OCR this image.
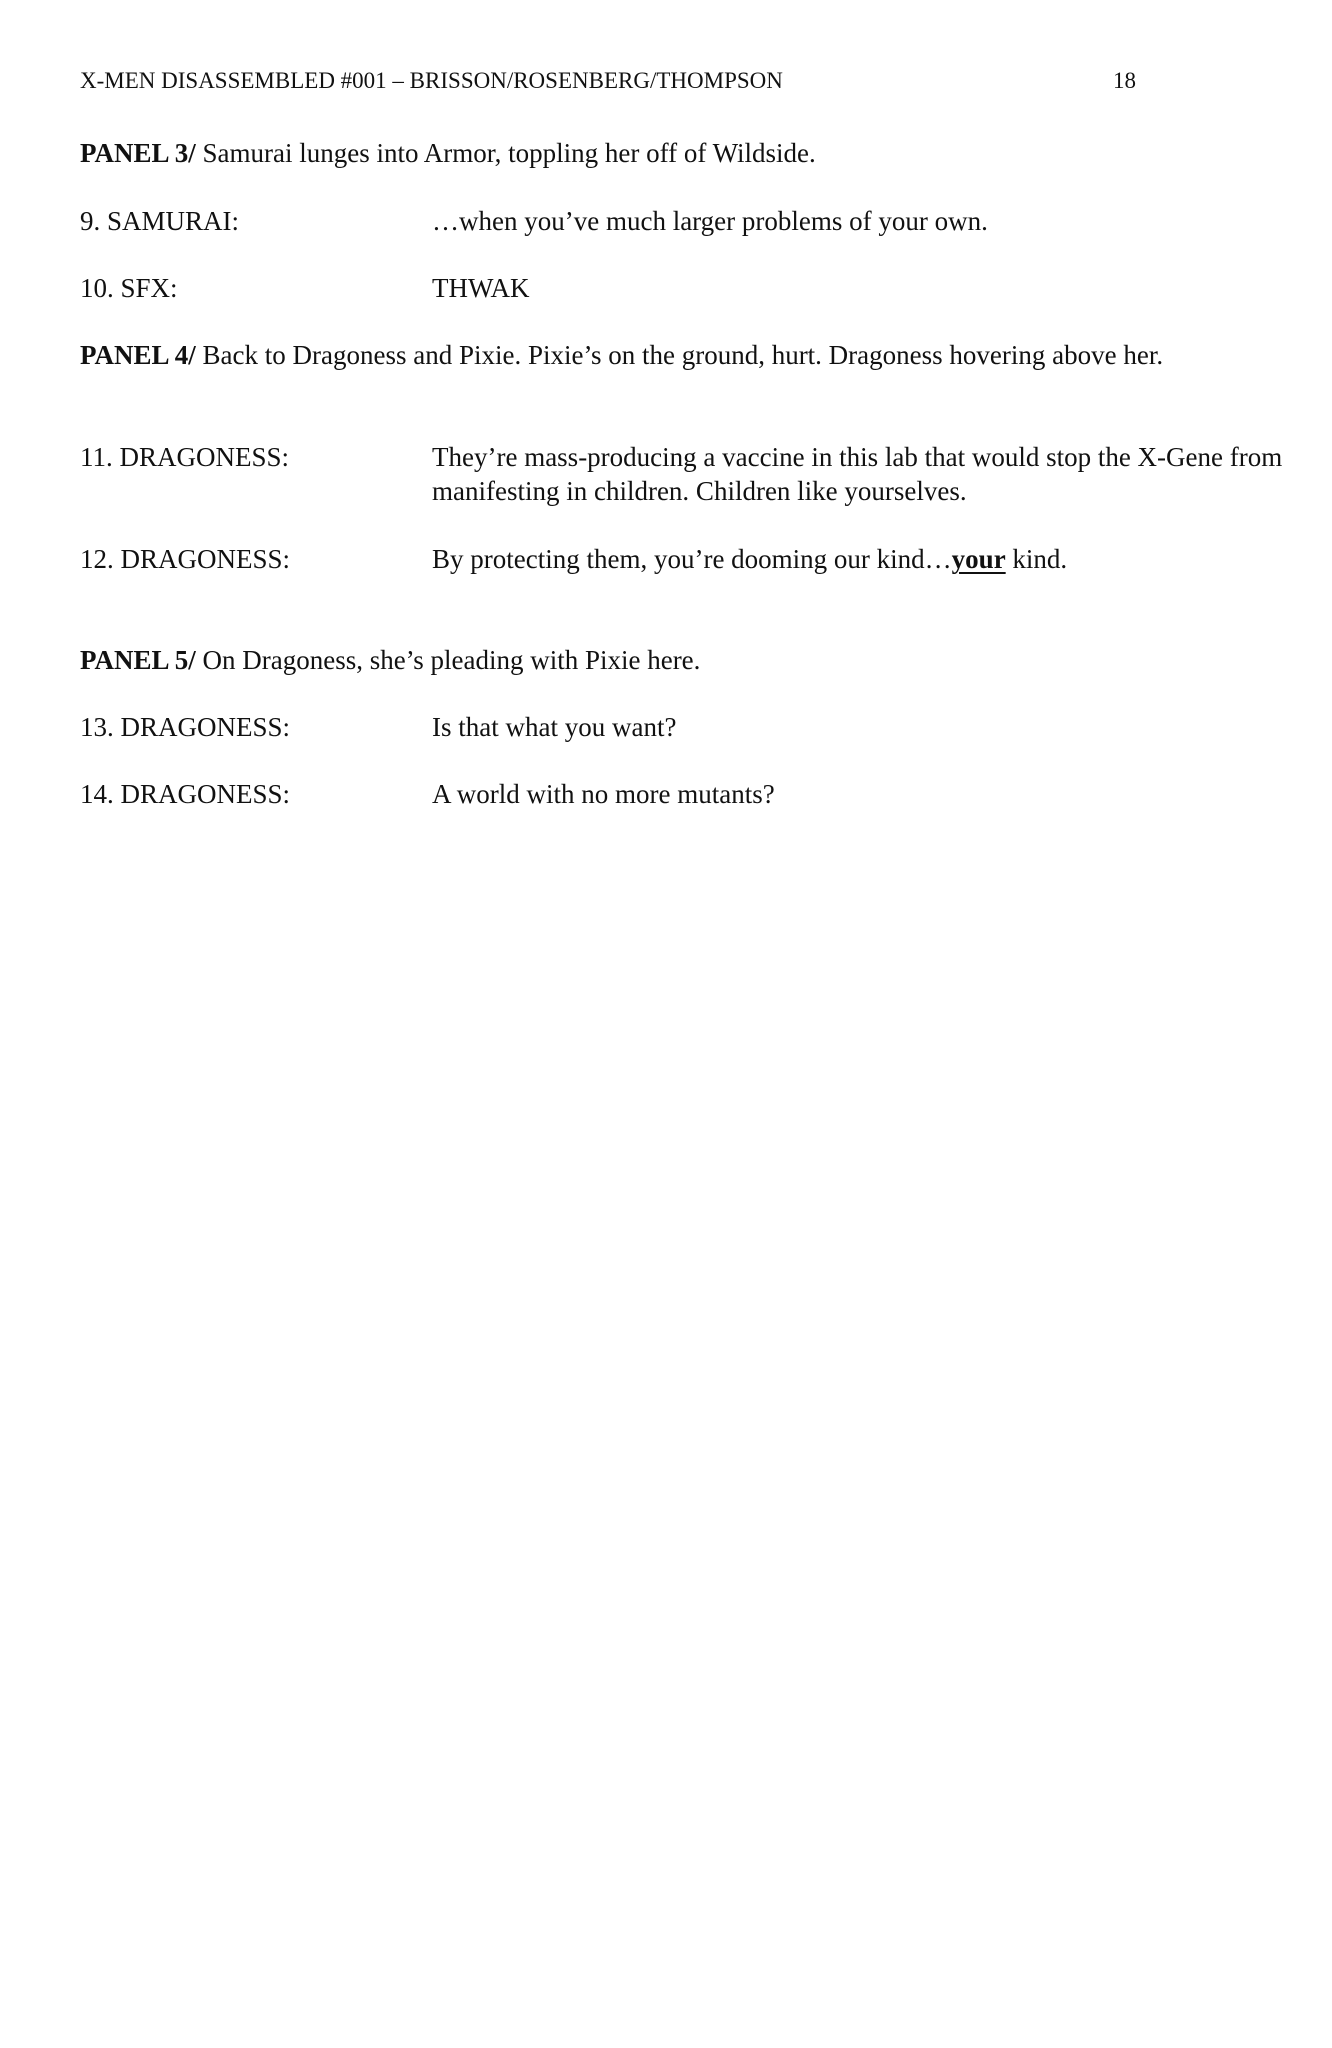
X-MEN DISASSEMBLED #001 – BRISSON/ROSENBERG/THOMPSON	18
PANEL 3/ Samurai lunges into Armor, toppling her off of Wildside.
9. SAMURAI:	…when you’ve much larger problems of your own.
10. SFX:	THWAK
PANEL 4/ Back to Dragoness and Pixie. Pixie’s on the ground, hurt. Dragoness hovering above her.
11. DRAGONESS:	They’re mass-producing a vaccine in this lab that would stop the X-Gene from manifesting in children. Children like yourselves.
12. DRAGONESS:	By protecting them, you’re dooming our kind…your kind.
PANEL 5/ On Dragoness, she’s pleading with Pixie here.
13. DRAGONESS:	Is that what you want?
14. DRAGONESS:	A world with no more mutants?
